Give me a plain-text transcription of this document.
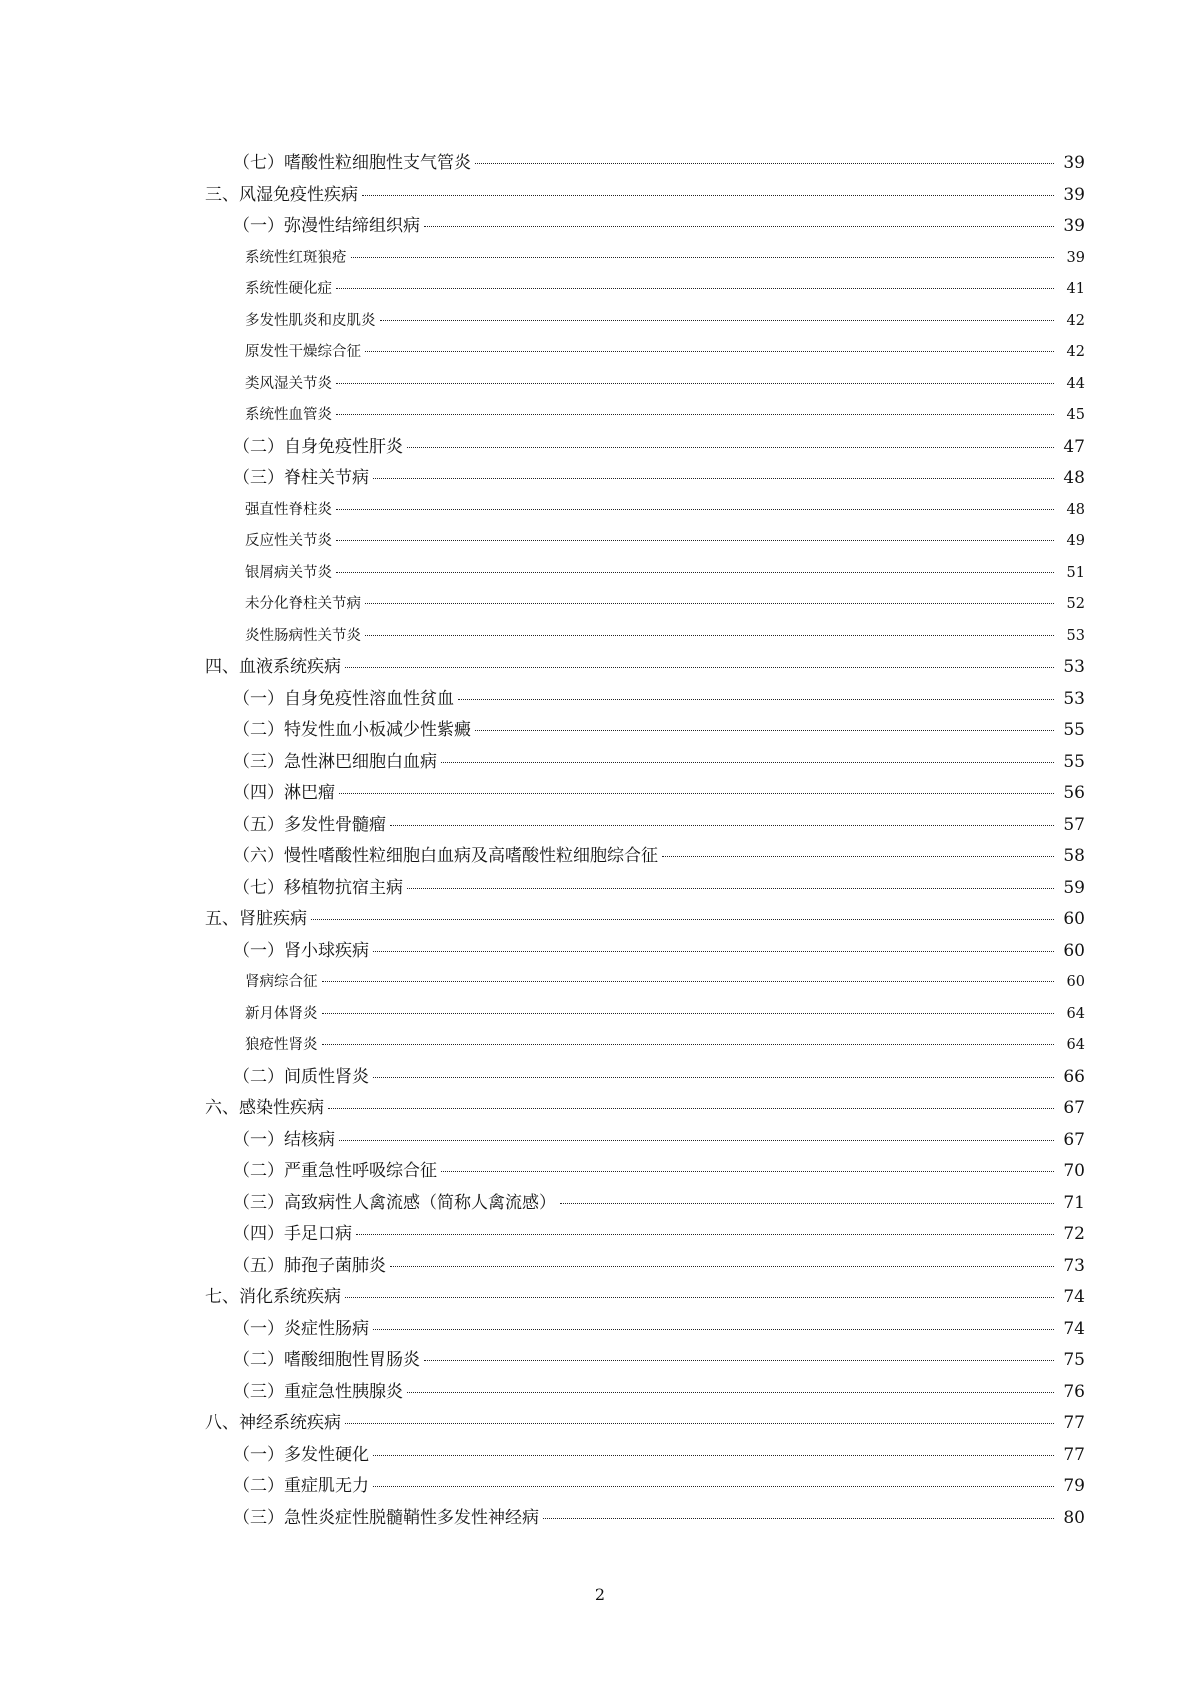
（七）嗜酸性粒细胞性支气管炎	39
三、风湿免疫性疾病	39
（一）弥漫性结缔组织病	39
系统性红斑狼疮	39
系统性硬化症	41
多发性肌炎和皮肌炎	42
原发性干燥综合征	42
类风湿关节炎	44
系统性血管炎	45
（二）自身免疫性肝炎	47
（三）脊柱关节病	48
强直性脊柱炎	48
反应性关节炎	49
银屑病关节炎	51
未分化脊柱关节病	52
炎性肠病性关节炎	53
四、血液系统疾病	53
（一）自身免疫性溶血性贫血	53
（二）特发性血小板减少性紫癜	55
（三）急性淋巴细胞白血病	55
（四）淋巴瘤	56
（五）多发性骨髓瘤	57
（六）慢性嗜酸性粒细胞白血病及高嗜酸性粒细胞综合征	58
（七）移植物抗宿主病	59
五、肾脏疾病	60
（一）肾小球疾病	60
肾病综合征	60
新月体肾炎	64
狼疮性肾炎	64
（二）间质性肾炎	66
六、感染性疾病	67
（一）结核病	67
（二）严重急性呼吸综合征	70
（三）高致病性人禽流感（简称人禽流感）	71
（四）手足口病	72
（五）肺孢子菌肺炎	73
七、消化系统疾病	74
（一）炎症性肠病	74
（二）嗜酸细胞性胃肠炎	75
（三）重症急性胰腺炎	76
八、神经系统疾病	77
（一）多发性硬化	77
（二）重症肌无力	79
（三）急性炎症性脱髓鞘性多发性神经病	80
2
